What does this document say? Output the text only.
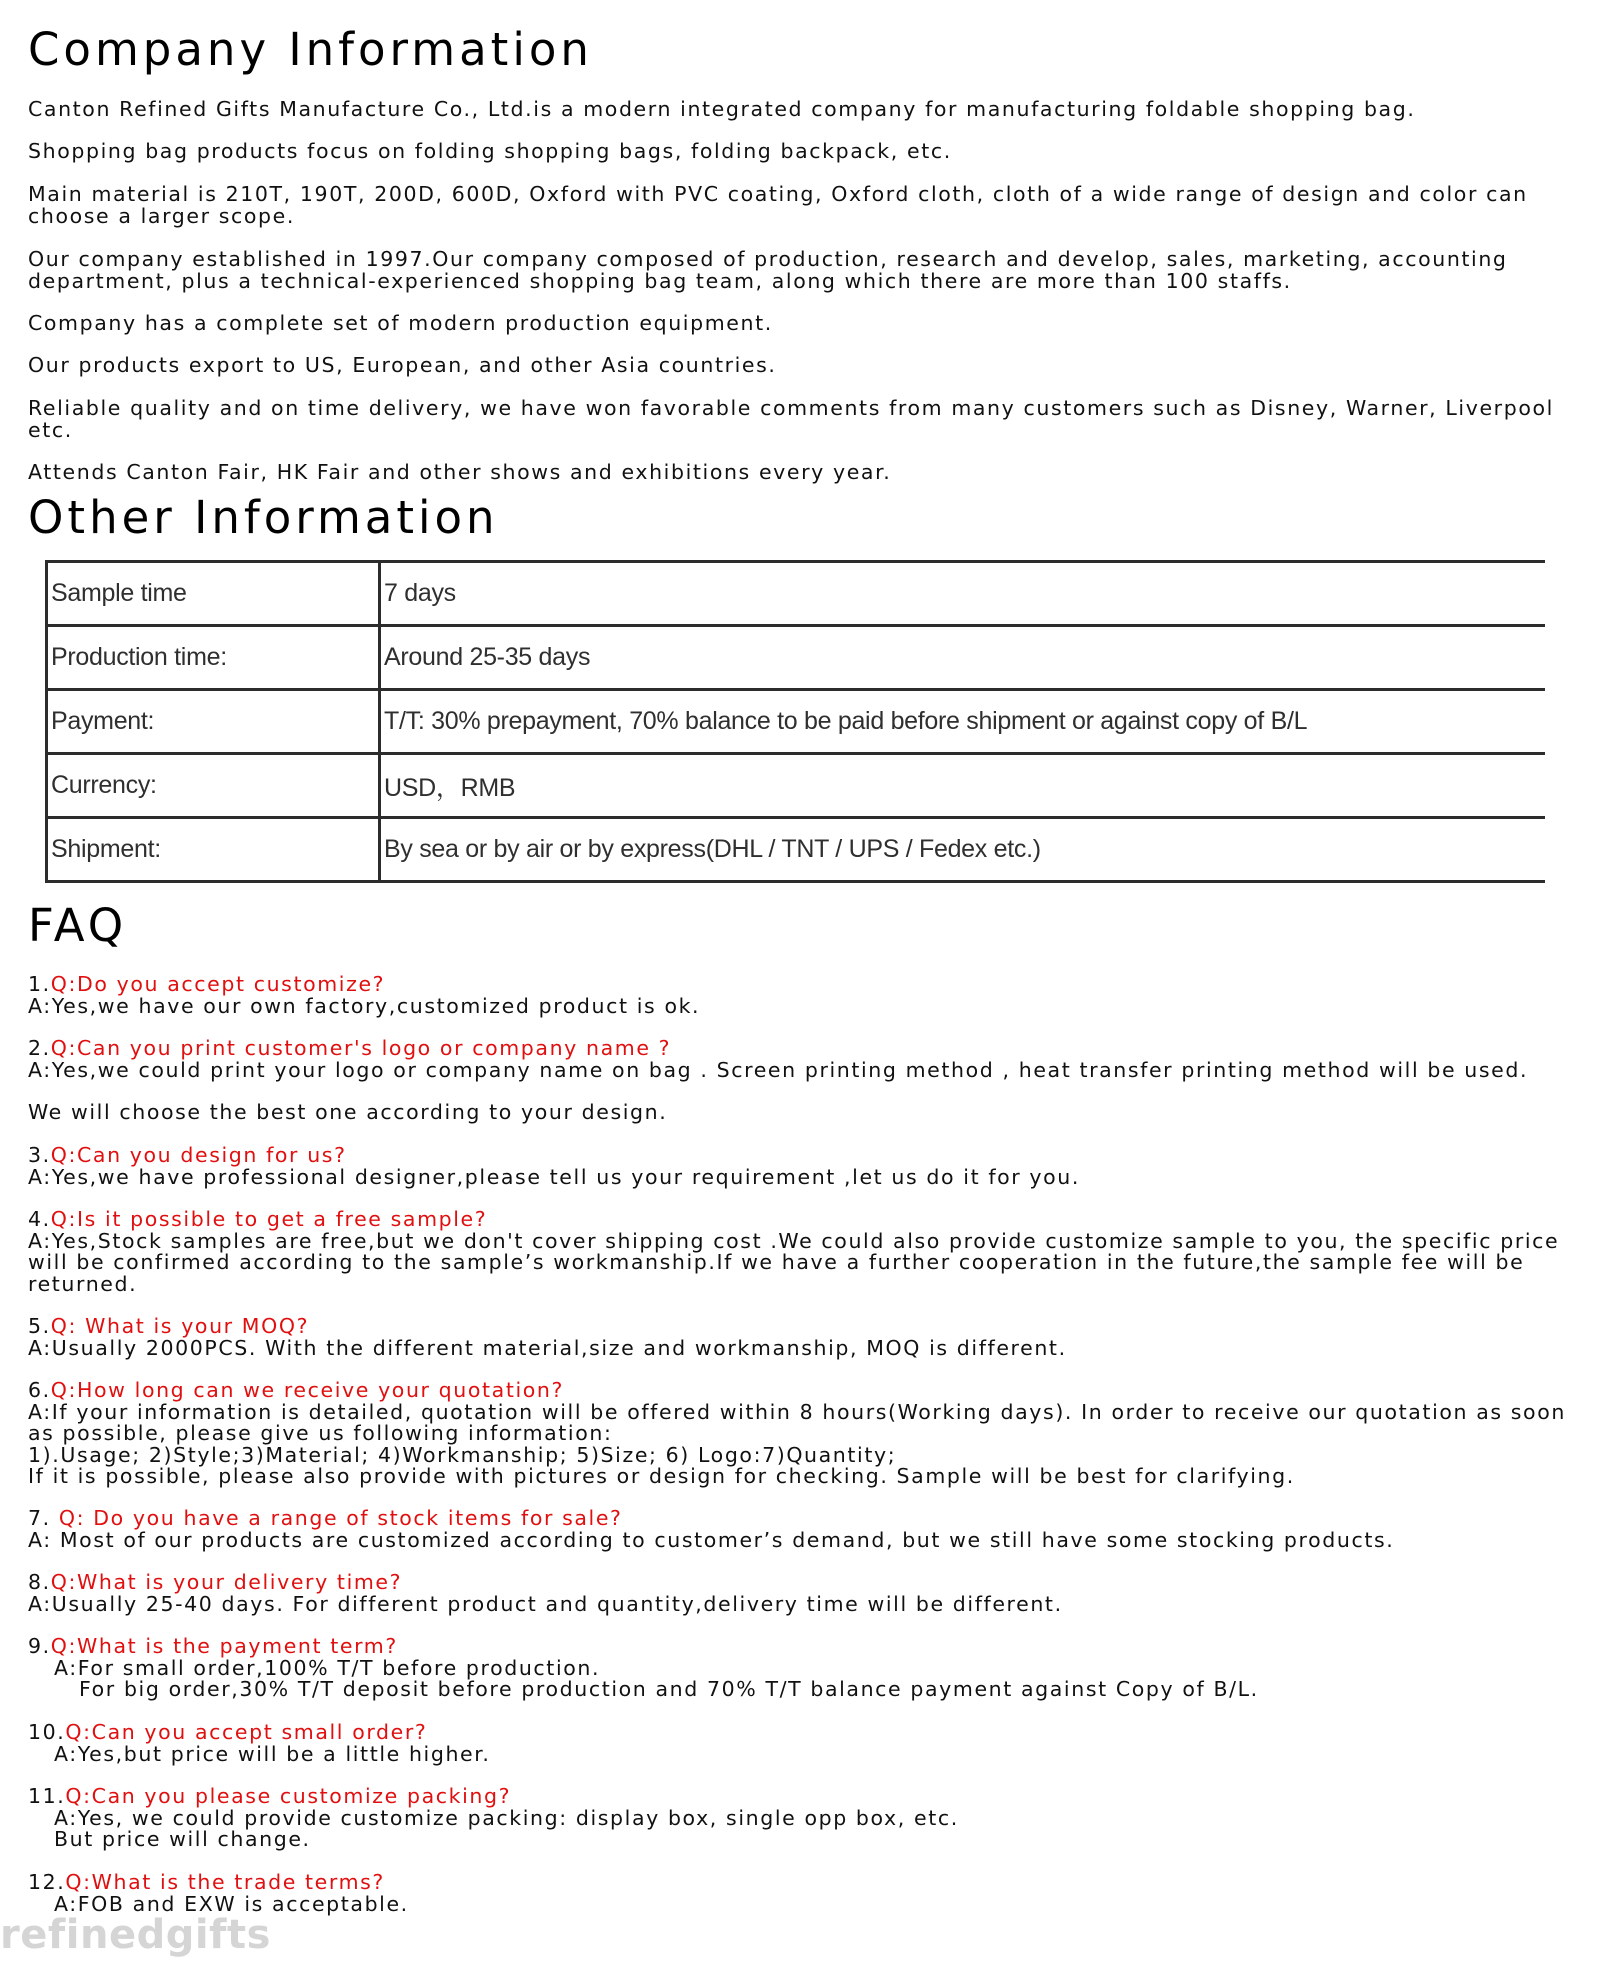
Company Information

Canton Refined Gifts Manufacture Co., Ltd.is a modern integrated company for manufacturing foldable shopping bag.

Shopping bag products focus on folding shopping bags, folding backpack, etc.

Main material is 210T, 190T, 200D, 600D, Oxford with PVC coating, Oxford cloth, cloth of a wide range of design and color can choose a larger scope.

Our company established in 1997.Our company composed of production, research and develop, sales, marketing, accounting department, plus a technical-experienced shopping bag team, along which there are more than 100 staffs.

Company has a complete set of modern production equipment.

Our products export to US, European, and other Asia countries.

Reliable quality and on time delivery, we have won favorable comments from many customers such as Disney, Warner, Liverpool etc.

Attends Canton Fair, HK Fair and other shows and exhibitions every year.

Other Information
Sample time	7 days
Production time:	Around 25-35 days
Payment:	T/T: 30% prepayment, 70% balance to be paid before shipment or against copy of B/L
Currency:	USD，RMB
Shipment:	By sea or by air or by express(DHL / TNT / UPS / Fedex etc.)
FAQ
1.Q:Do you accept customize?
A:Yes,we have our own factory,customized product is ok.
2.Q:Can you print customer's logo or company name ?
A:Yes,we could print your logo or company name on bag . Screen printing method , heat transfer printing method will be used.
We will choose the best one according to your design.
3.Q:Can you design for us?
A:Yes,we have professional designer,please tell us your requirement ,let us do it for you.
4.Q:Is it possible to get a free sample?
A:Yes,Stock samples are free,but we don't cover shipping cost .We could also provide customize sample to you, the specific price will be confirmed according to the sample’s workmanship.If we have a further cooperation in the future,the sample fee will be returned.
5.Q: What is your MOQ?
A:Usually 2000PCS. With the different material,size and workmanship, MOQ is different.
6.Q:How long can we receive your quotation?
A:If your information is detailed, quotation will be offered within 8 hours(Working days). In order to receive our quotation as soon as possible, please give us following information:
1).Usage; 2)Style;3)Material; 4)Workmanship; 5)Size; 6) Logo:7)Quantity;
If it is possible, please also provide with pictures or design for checking. Sample will be best for clarifying.
7. Q: Do you have a range of stock items for sale?
A: Most of our products are customized according to customer’s demand, but we still have some stocking products.
8.Q:What is your delivery time?
A:Usually 25-40 days. For different product and quantity,delivery time will be different.
9.Q:What is the payment term?
A:For small order,100% T/T before production.
For big order,30% T/T deposit before production and 70% T/T balance payment against Copy of B/L.
10.Q:Can you accept small order?
A:Yes,but price will be a little higher.
11.Q:Can you please customize packing?
A:Yes, we could provide customize packing: display box, single opp box, etc.
But price will change.
12.Q:What is the trade terms?
A:FOB and EXW is acceptable.
refinedgifts
